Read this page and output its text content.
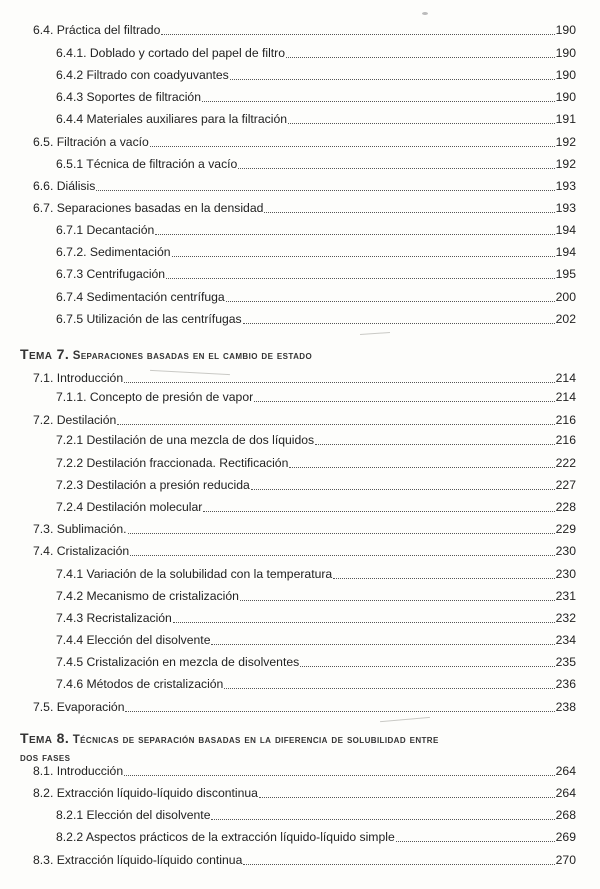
6.4. Práctica del filtrado	190
6.4.1. Doblado y cortado del papel de filtro	190
6.4.2 Filtrado con coadyuvantes	190
6.4.3 Soportes de filtración	190
6.4.4 Materiales auxiliares para la filtración	191
6.5. Filtración a vacío	192
6.5.1 Técnica de filtración a vacío	192
6.6. Diálisis	193
6.7. Separaciones basadas en la densidad	193
6.7.1 Decantación	194
6.7.2. Sedimentación	194
6.7.3 Centrifugación	195
6.7.4 Sedimentación centrífuga	200
6.7.5 Utilización de las centrífugas	202
Tema 7. Separaciones basadas en el cambio de estado
7.1. Introducción	214
7.1.1. Concepto de presión de vapor	214
7.2. Destilación	216
7.2.1 Destilación de una mezcla de dos líquidos	216
7.2.2 Destilación fraccionada. Rectificación	222
7.2.3 Destilación a presión reducida	227
7.2.4 Destilación molecular	228
7.3. Sublimación.	229
7.4. Cristalización	230
7.4.1 Variación de la solubilidad con la temperatura	230
7.4.2 Mecanismo de cristalización	231
7.4.3 Recristalización	232
7.4.4 Elección del disolvente	234
7.4.5 Cristalización en mezcla de disolventes	235
7.4.6 Métodos de cristalización	236
7.5. Evaporación	238
Tema 8. Técnicas de separación basadas en la diferencia de solubilidad entre
dos fases
8.1. Introducción	264
8.2. Extracción líquido-líquido discontinua	264
8.2.1 Elección del disolvente	268
8.2.2 Aspectos prácticos de la extracción líquido-líquido simple	269
8.3. Extracción líquido-líquido continua	270
